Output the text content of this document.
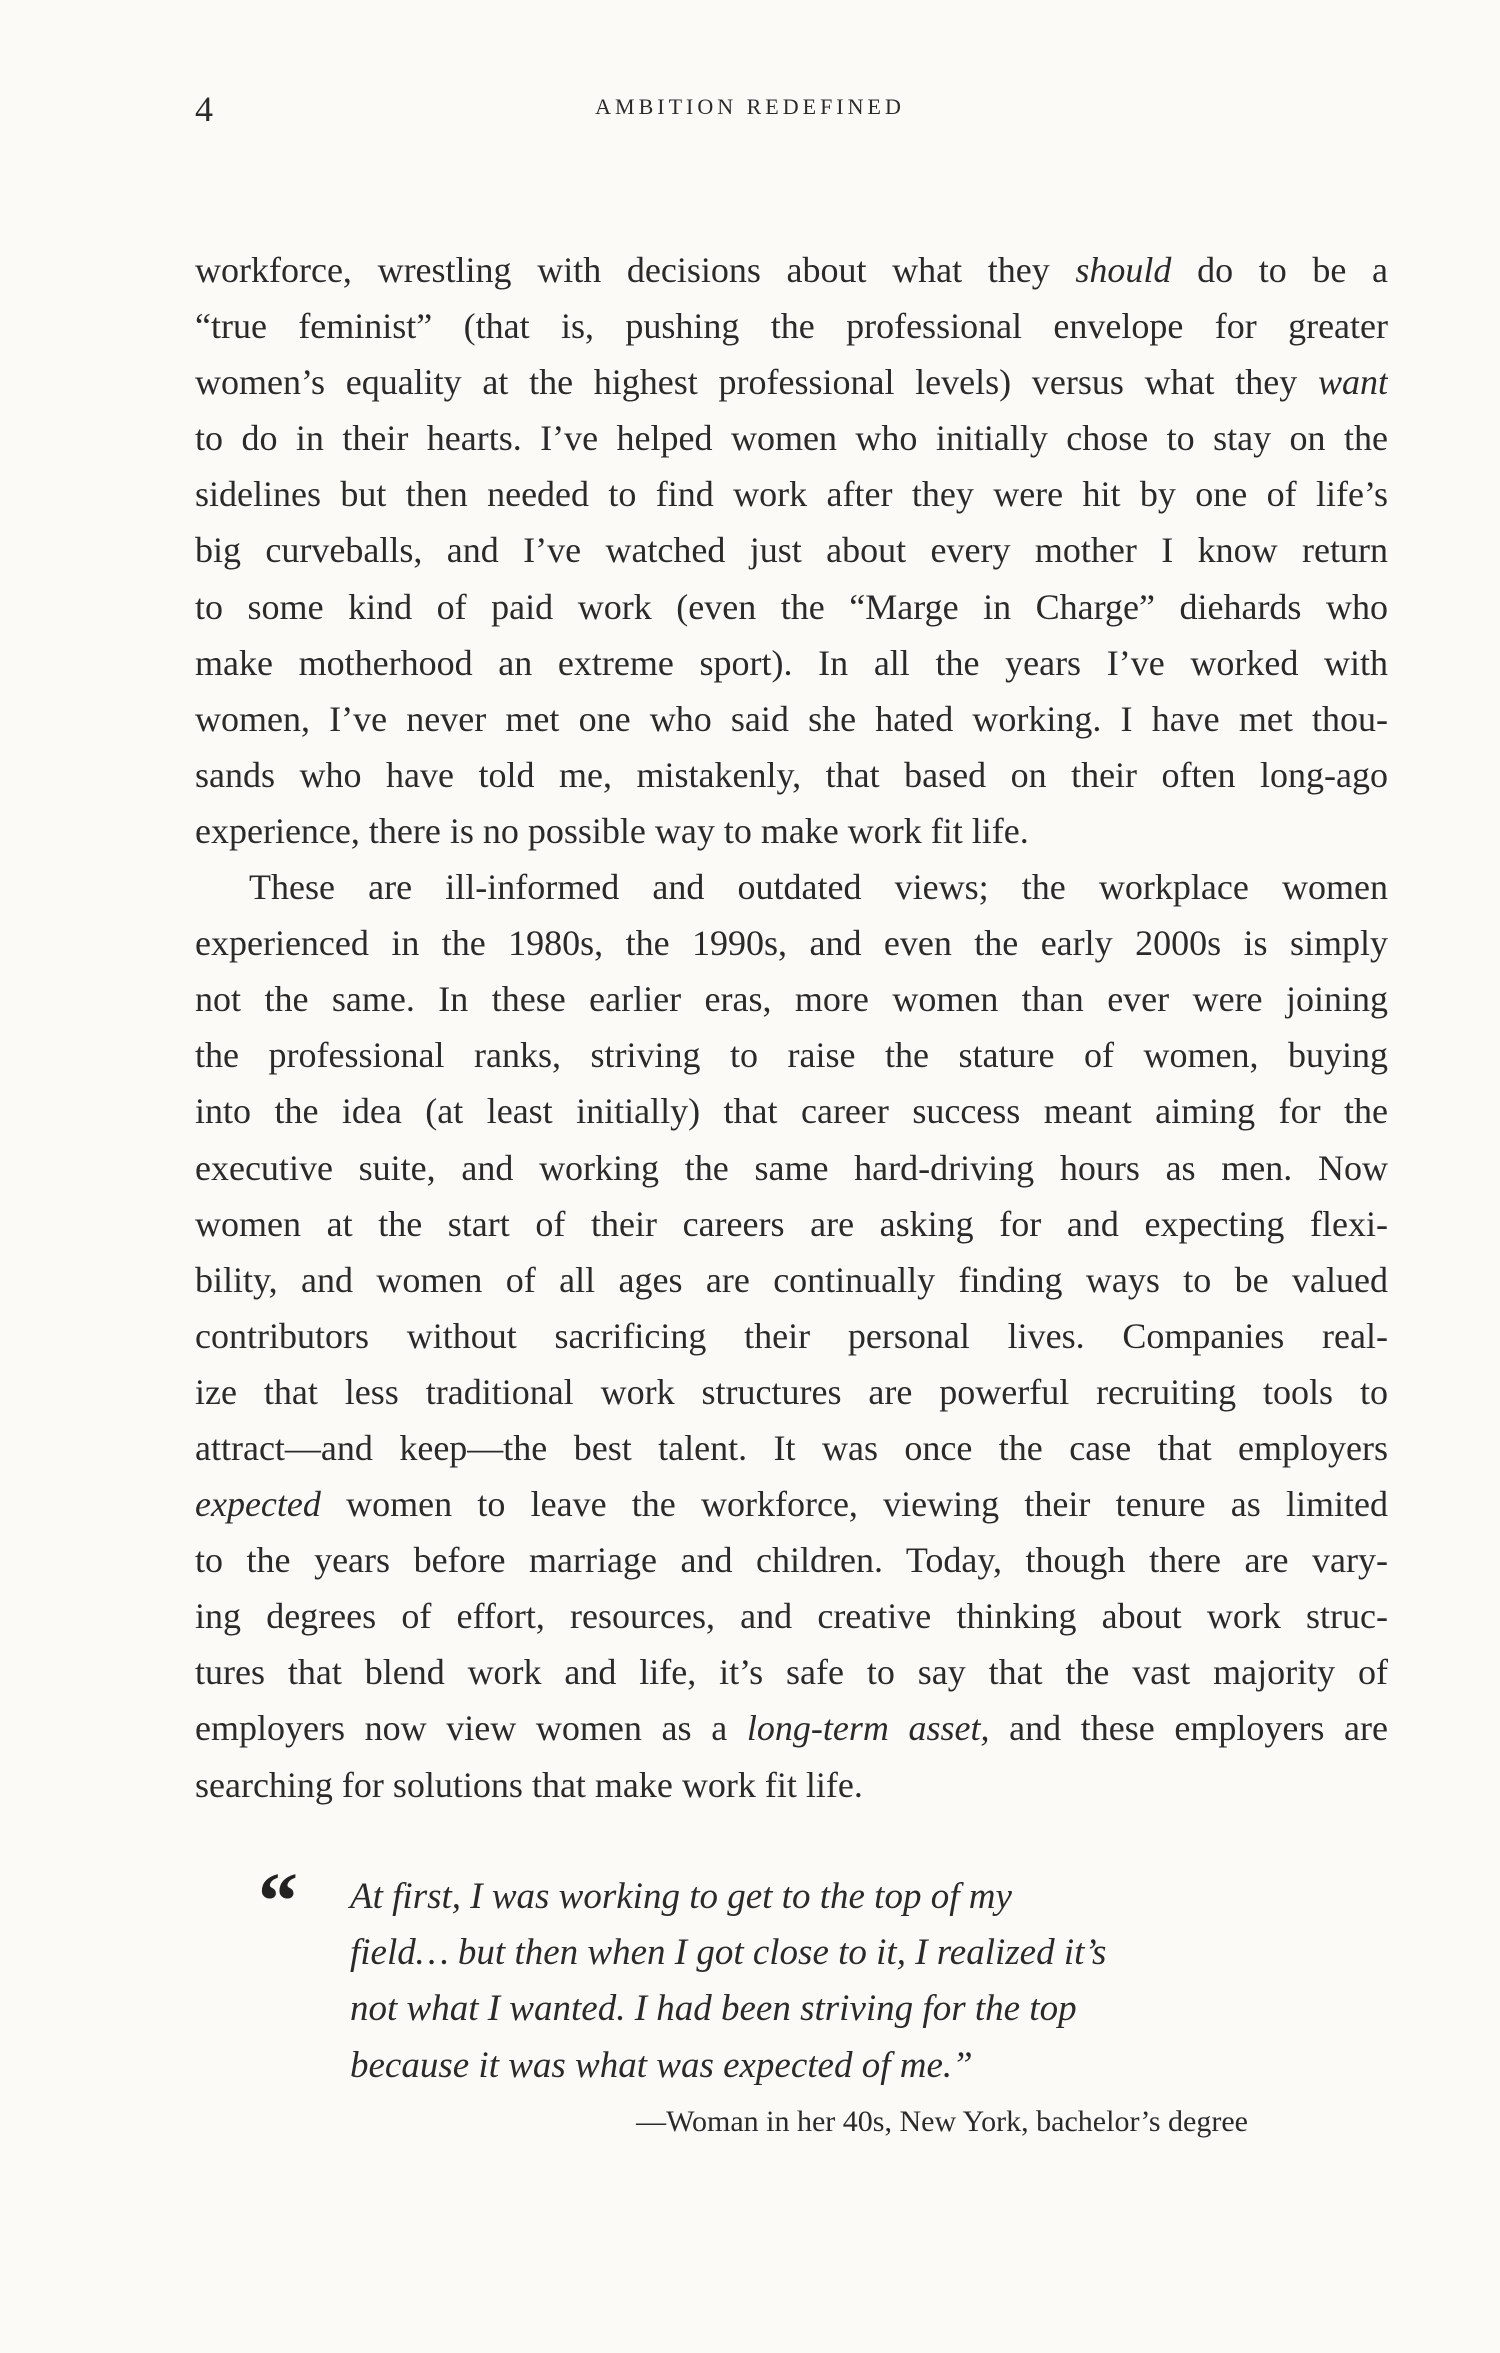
4	AMBITION REDEFINED
workforce, wrestling with decisions about what they should do to be a
“true feminist” (that is, pushing the professional envelope for greater
women’s equality at the highest professional levels) versus what they want
to do in their hearts. I’ve helped women who initially chose to stay on the
sidelines but then needed to find work after they were hit by one of life’s
big curveballs, and I’ve watched just about every mother I know return
to some kind of paid work (even the “Marge in Charge” diehards who
make motherhood an extreme sport). In all the years I’ve worked with
women, I’ve never met one who said she hated working. I have met thou-
sands who have told me, mistakenly, that based on their often long-ago
experience, there is no possible way to make work fit life.
These are ill-informed and outdated views; the workplace women
experienced in the 1980s, the 1990s, and even the early 2000s is simply
not the same. In these earlier eras, more women than ever were joining
the professional ranks, striving to raise the stature of women, buying
into the idea (at least initially) that career success meant aiming for the
executive suite, and working the same hard-driving hours as men. Now
women at the start of their careers are asking for and expecting flexi-
bility, and women of all ages are continually finding ways to be valued
contributors without sacrificing their personal lives. Companies real-
ize that less traditional work structures are powerful recruiting tools to
attract—and keep—the best talent. It was once the case that employers
expected women to leave the workforce, viewing their tenure as limited
to the years before marriage and children. Today, though there are vary-
ing degrees of effort, resources, and creative thinking about work struc-
tures that blend work and life, it’s safe to say that the vast majority of
employers now view women as a long-term asset, and these employers are
searching for solutions that make work fit life.
“ At first, I was working to get to the top of my
field… but then when I got close to it, I realized it’s
not what I wanted. I had been striving for the top
because it was what was expected of me.”
—Woman in her 40s, New York, bachelor’s degree
